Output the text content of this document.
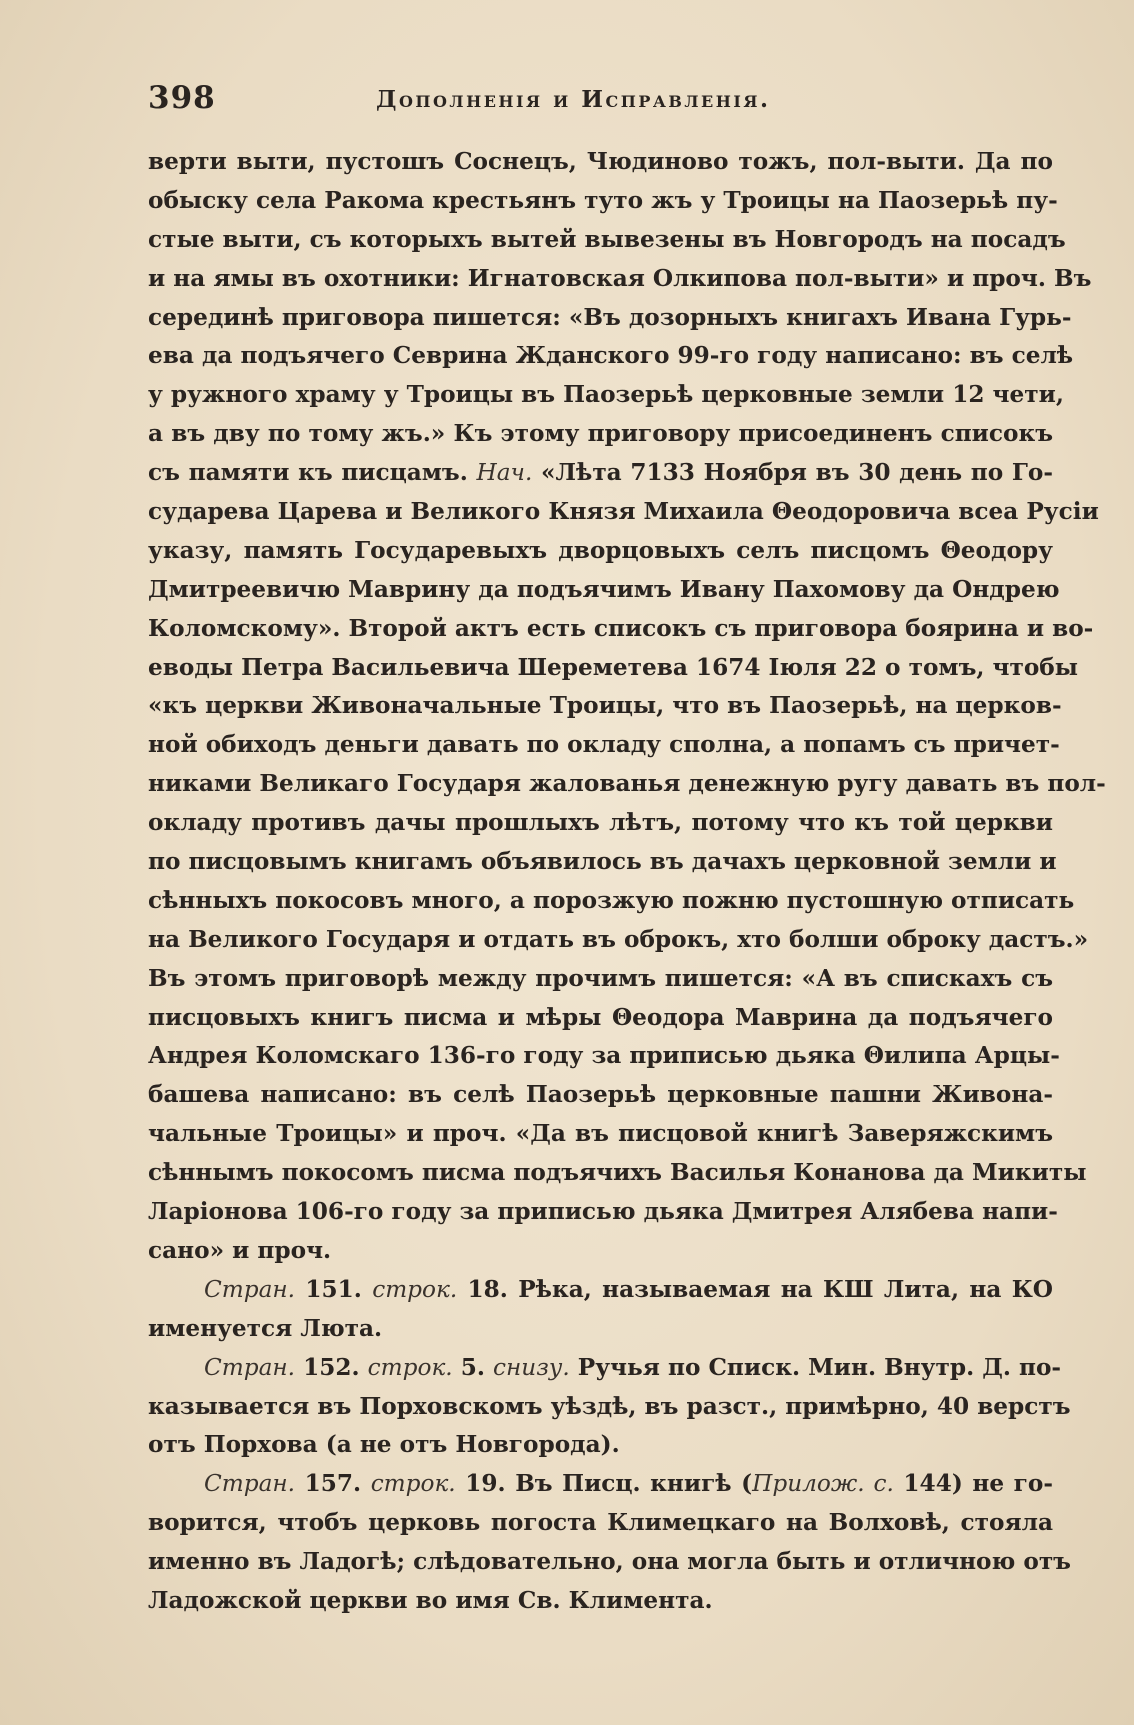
398	Дополненія и Исправленія.
верти выти, пустошъ Соснецъ, Чюдиново тожъ, пол-выти. Да по
обыску села Ракома крестьянъ туто жъ у Троицы на Паозерьѣ пу-
стые выти, съ которыхъ вытей вывезены въ Новгородъ на посадъ
и на ямы въ охотники: Игнатовская Олкипова пол-выти» и проч. Въ
серединѣ приговора пишется: «Въ дозорныхъ книгахъ Ивана Гурь-
ева да подъячего Севрина Жданского 99-го году написано: въ селѣ
у ружного храму у Троицы въ Паозерьѣ церковные земли 12 чети,
а въ дву по тому жъ.» Къ этому приговору присоединенъ списокъ
съ памяти къ писцамъ. Нач. «Лѣта 7133 Ноября въ 30 день по Го-
сударева Царева и Великого Князя Михаила Θеодоровича всеа Русіи
указу, память Государевыхъ дворцовыхъ селъ писцомъ Θеодору
Дмитреевичю Маврину да подъячимъ Ивану Пахомову да Ондрею
Коломскому». Второй актъ есть списокъ съ приговора боярина и во-
еводы Петра Васильевича Шереметева 1674 Іюля 22 о томъ, чтобы
«къ церкви Живоначальные Троицы, что въ Паозерьѣ, на церков-
ной обиходъ деньги давать по окладу сполна, а попамъ съ причет-
никами Великаго Государя жалованья денежную ругу давать въ пол-
окладу противъ дачы прошлыхъ лѣтъ, потому что къ той церкви
по писцовымъ книгамъ объявилось въ дачахъ церковной земли и
сѣнныхъ покосовъ много, а порозжую пожню пустошную отписать
на Великого Государя и отдать въ оброкъ, хто болши оброку дастъ.»
Въ этомъ приговорѣ между прочимъ пишется: «А въ спискахъ съ
писцовыхъ книгъ писма и мѣры Θеодора Маврина да подъячего
Андрея Коломскаго 136-го году за приписью дьяка Θилипа Арцы-
башева написано: въ селѣ Паозерьѣ церковные пашни Живона-
чальные Троицы» и проч. «Да въ писцовой книгѣ Заверяжскимъ
сѣннымъ покосомъ писма подъячихъ Василья Конанова да Микиты
Ларіонова 106-го году за приписью дьяка Дмитрея Алябева напи-
сано» и проч.
Стран. 151. строк. 18. Рѣка, называемая на КШ Лита, на КО
именуется Люта.
Стран. 152. строк. 5. снизу. Ручья по Списк. Мин. Внутр. Д. по-
казывается въ Порховскомъ уѣздѣ, въ разст., примѣрно, 40 верстъ
отъ Порхова (а не отъ Новгорода).
Стран. 157. строк. 19. Въ Писц. книгѣ (Прилож. с. 144) не го-
ворится, чтобъ церковь погоста Климецкаго на Волховѣ, стояла
именно въ Ладогѣ; слѣдовательно, она могла быть и отличною отъ
Ладожской церкви во имя Св. Климента.
